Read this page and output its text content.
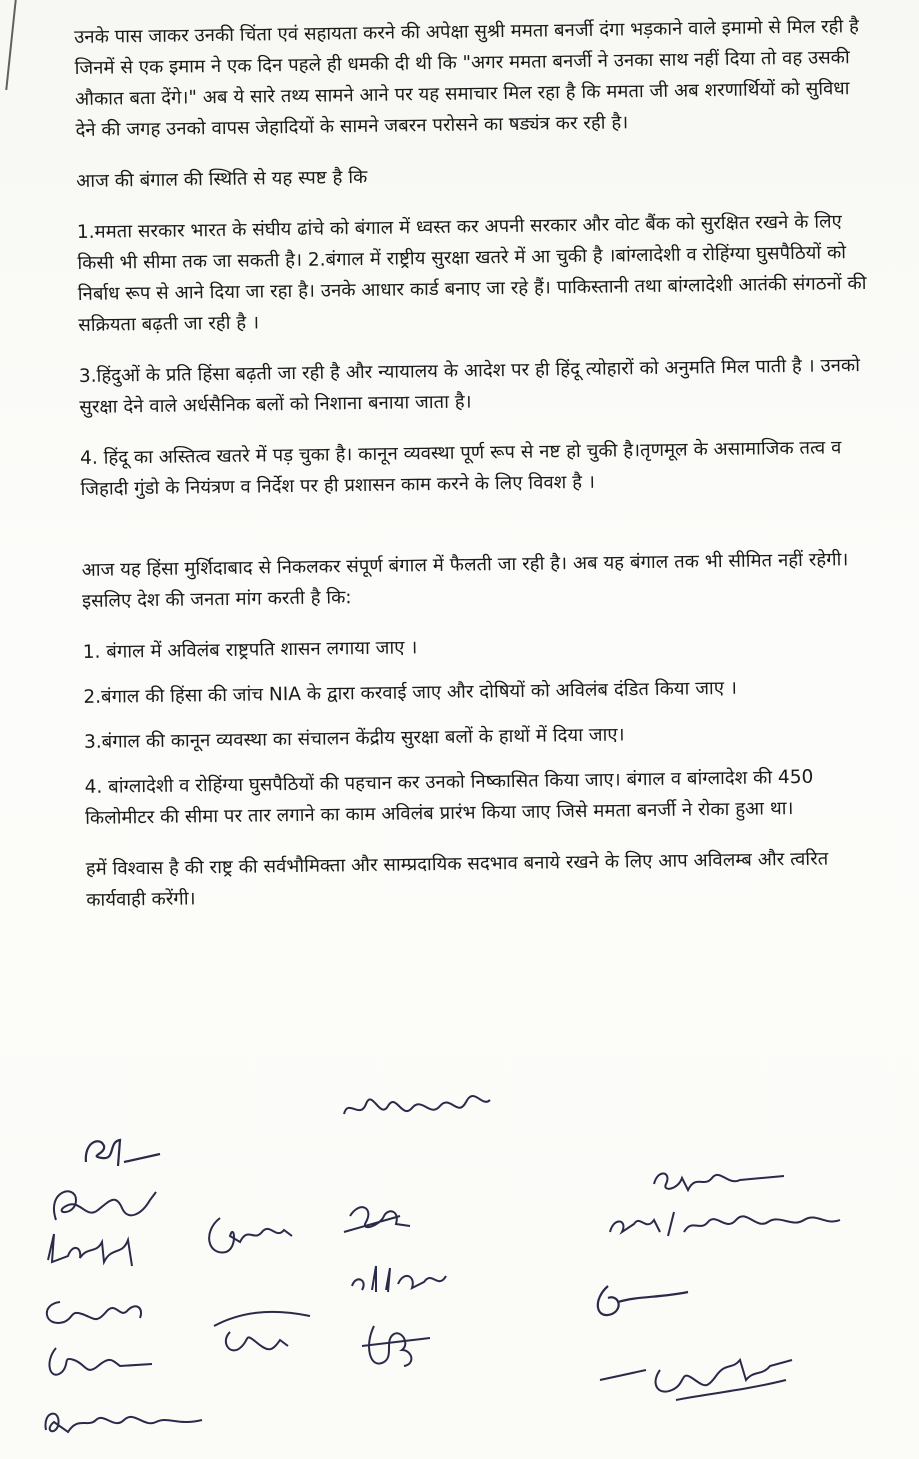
उनके पास जाकर उनकी चिंता एवं सहायता करने की अपेक्षा सुश्री ममता बनर्जी दंगा भड़काने वाले इमामो से मिल रही है जिनमें से एक इमाम ने एक दिन पहले ही धमकी दी थी कि "अगर ममता बनर्जी ने उनका साथ नहीं दिया तो वह उसकी औकात बता देंगे।" अब ये सारे तथ्य सामने आने पर यह समाचार मिल रहा है कि ममता जी अब शरणार्थियों को सुविधा देने की जगह उनको वापस जेहादियों के सामने जबरन परोसने का षड्यंत्र कर रही है।

आज की बंगाल की स्थिति से यह स्पष्ट है कि

1.ममता सरकार भारत के संघीय ढांचे को बंगाल में ध्वस्त कर अपनी सरकार और वोट बैंक को सुरक्षित रखने के लिए किसी भी सीमा तक जा सकती है। 2.बंगाल में राष्ट्रीय सुरक्षा खतरे में आ चुकी है ।बांग्लादेशी व रोहिंग्या घुसपैठियों को निर्बाध रूप से आने दिया जा रहा है। उनके आधार कार्ड बनाए जा रहे हैं। पाकिस्तानी तथा बांग्लादेशी आतंकी संगठनों की सक्रियता बढ़ती जा रही है ।

3.हिंदुओं के प्रति हिंसा बढ़ती जा रही है और न्यायालय के आदेश पर ही हिंदू त्योहारों को अनुमति मिल पाती है । उनको सुरक्षा देने वाले अर्धसैनिक बलों को निशाना बनाया जाता है।

4. हिंदू का अस्तित्व खतरे में पड़ चुका है। कानून व्यवस्था पूर्ण रूप से नष्ट हो चुकी है।तृणमूल के असामाजिक तत्व व जिहादी गुंडो के नियंत्रण व निर्देश पर ही प्रशासन काम करने के लिए विवश है ।

आज यह हिंसा मुर्शिदाबाद से निकलकर संपूर्ण बंगाल में फैलती जा रही है। अब यह बंगाल तक भी सीमित नहीं रहेगी। इसलिए देश की जनता मांग करती है कि:

1. बंगाल में अविलंब राष्ट्रपति शासन लगाया जाए ।

2.बंगाल की हिंसा की जांच NIA के द्वारा करवाई जाए और दोषियों को अविलंब दंडित किया जाए ।

3.बंगाल की कानून व्यवस्था का संचालन केंद्रीय सुरक्षा बलों के हाथों में दिया जाए।

4. बांग्लादेशी व रोहिंग्या घुसपैठियों की पहचान कर उनको निष्कासित किया जाए। बंगाल व बांग्लादेश की 450 किलोमीटर की सीमा पर तार लगाने का काम अविलंब प्रारंभ किया जाए जिसे ममता बनर्जी ने रोका हुआ था।

हमें विश्वास है की राष्ट्र की सर्वभौमिक्ता और साम्प्रदायिक सदभाव बनाये रखने के लिए आप अविलम्ब और त्वरित कार्यवाही करेंगी।
